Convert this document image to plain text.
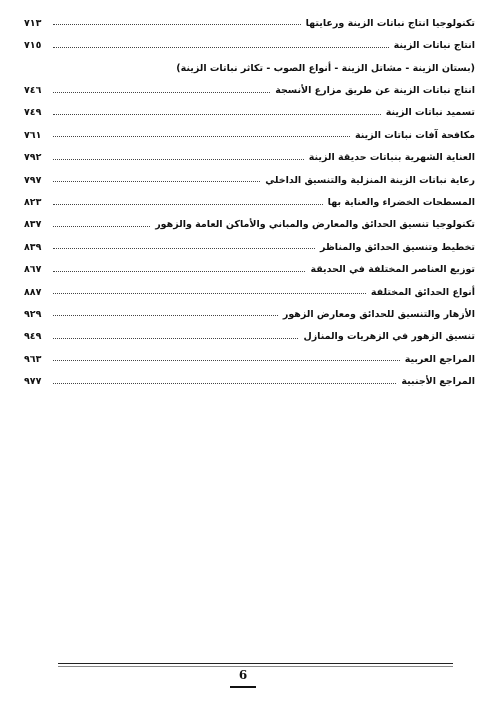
تكنولوجيا انتاج نباتات الزينة ورعايتها
٧١٣
انتاج نباتات الزينة
٧١٥
(بستان الزينة - مشاتل الزينة - أنواع الصوب - تكاثر نباتات الزينة)
انتاج نباتات الزينة عن طريق مزارع الأنسجة
٧٤٦
تسميد نباتات الزينة
٧٤٩
مكافحة آفات نباتات الزينة
٧٦١
العناية الشهرية بنباتات حديقة الزينة
٧٩٢
رعاية نباتات الزينة المنزلية والتنسيق الداخلي
٧٩٧
المسطحات الخضراء والعناية بها
٨٢٣
تكنولوجيا تنسيق الحدائق والمعارض والمباني والأماكن العامة والزهور
٨٣٧
تخطيط وتنسيق الحدائق والمناظر
٨٣٩
توزيع العناصر المختلفة في الحديقة
٨٦٧
أنواع الحدائق المختلفة
٨٨٧
الأزهار والتنسيق للحدائق ومعارض الزهور
٩٢٩
تنسيق الزهور في الزهريات والمنازل
٩٤٩
المراجع العربية
٩٦٣
المراجع الأجنبية
٩٧٧
6
